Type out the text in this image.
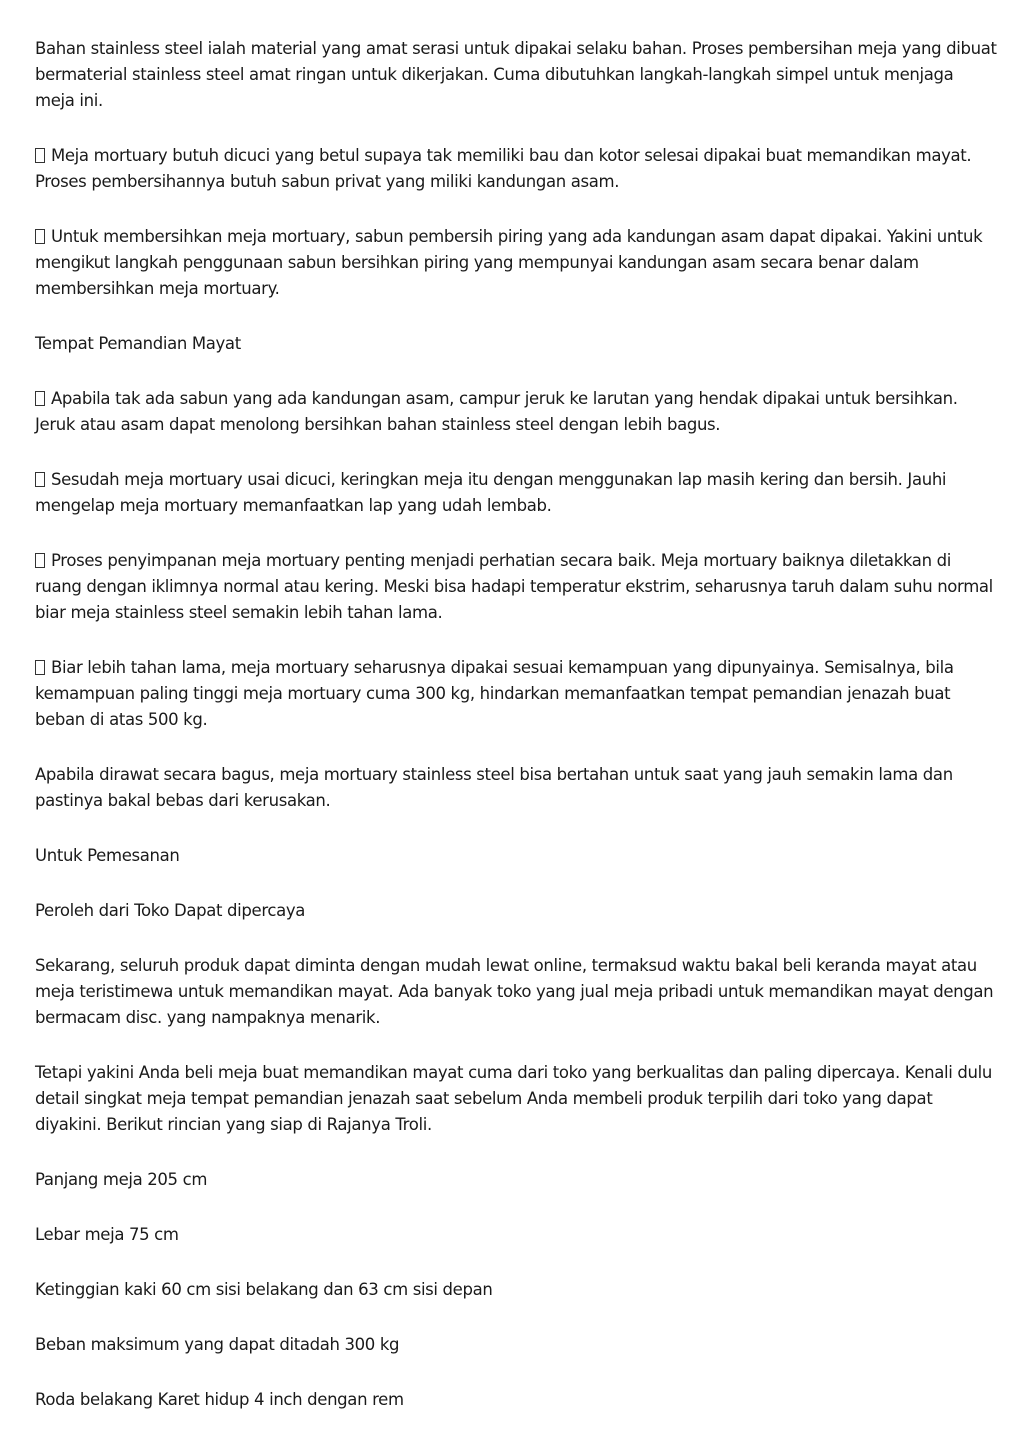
Bahan stainless steel ialah material yang amat serasi untuk dipakai selaku bahan. Proses pembersihan meja yang dibuat bermaterial stainless steel amat ringan untuk dikerjakan. Cuma dibutuhkan langkah-langkah simpel untuk menjaga meja ini.

Meja mortuary butuh dicuci yang betul supaya tak memiliki bau dan kotor selesai dipakai buat memandikan mayat. Proses pembersihannya butuh sabun privat yang miliki kandungan asam.

Untuk membersihkan meja mortuary, sabun pembersih piring yang ada kandungan asam dapat dipakai. Yakini untuk mengikut langkah penggunaan sabun bersihkan piring yang mempunyai kandungan asam secara benar dalam membersihkan meja mortuary.

Tempat Pemandian Mayat

Apabila tak ada sabun yang ada kandungan asam, campur jeruk ke larutan yang hendak dipakai untuk bersihkan. Jeruk atau asam dapat menolong bersihkan bahan stainless steel dengan lebih bagus.

Sesudah meja mortuary usai dicuci, keringkan meja itu dengan menggunakan lap masih kering dan bersih. Jauhi mengelap meja mortuary memanfaatkan lap yang udah lembab.

Proses penyimpanan meja mortuary penting menjadi perhatian secara baik. Meja mortuary baiknya diletakkan di ruang dengan iklimnya normal atau kering. Meski bisa hadapi temperatur ekstrim, seharusnya taruh dalam suhu normal biar meja stainless steel semakin lebih tahan lama.

Biar lebih tahan lama, meja mortuary seharusnya dipakai sesuai kemampuan yang dipunyainya. Semisalnya, bila kemampuan paling tinggi meja mortuary cuma 300 kg, hindarkan memanfaatkan tempat pemandian jenazah buat beban di atas 500 kg.

Apabila dirawat secara bagus, meja mortuary stainless steel bisa bertahan untuk saat yang jauh semakin lama dan pastinya bakal bebas dari kerusakan.

Untuk Pemesanan

Peroleh dari Toko Dapat dipercaya

Sekarang, seluruh produk dapat diminta dengan mudah lewat online, termaksud waktu bakal beli keranda mayat atau meja teristimewa untuk memandikan mayat. Ada banyak toko yang jual meja pribadi untuk memandikan mayat dengan bermacam disc. yang nampaknya menarik.

Tetapi yakini Anda beli meja buat memandikan mayat cuma dari toko yang berkualitas dan paling dipercaya. Kenali dulu detail singkat meja tempat pemandian jenazah saat sebelum Anda membeli produk terpilih dari toko yang dapat diyakini. Berikut rincian yang siap di Rajanya Troli.

Panjang meja 205 cm

Lebar meja 75 cm

Ketinggian kaki 60 cm sisi belakang dan 63 cm sisi depan

Beban maksimum yang dapat ditadah 300 kg

Roda belakang Karet hidup 4 inch dengan rem
